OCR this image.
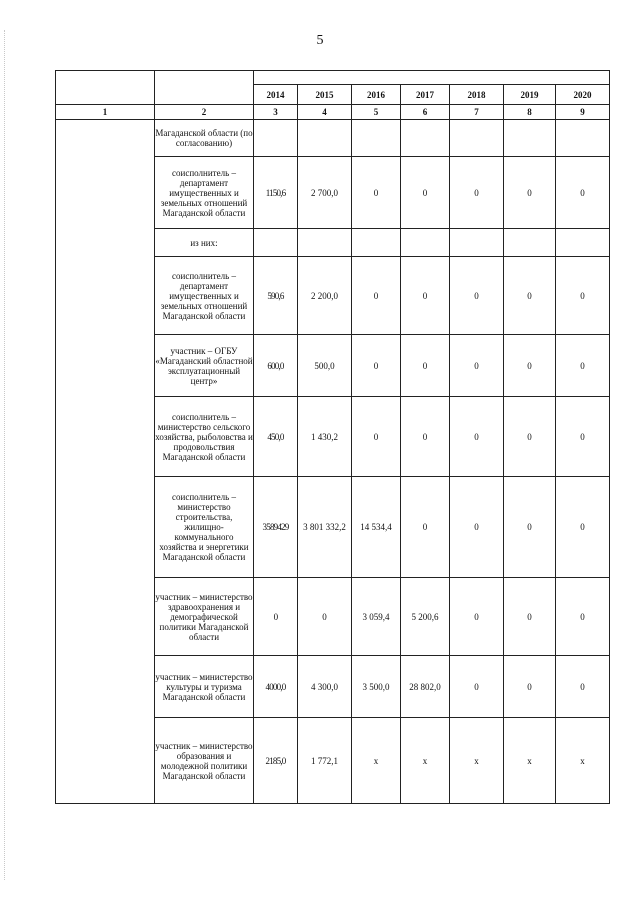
5

		2014	2015	2016	2017	2018	2019	2020
1	2	3	4	5	6	7	8	9
	Магаданской области (по согласованию)							
	соисполнитель – департамент имущественных и земельных отношений Магаданской области	1150,6	2 700,0	0	0	0	0	0
	из них:							
	соисполнитель – департамент имущественных и земельных отношений Магаданской области	590,6	2 200,0	0	0	0	0	0
	участник – ОГБУ «Магаданский областной эксплуатационный центр»	600,0	500,0	0	0	0	0	0
	соисполнитель – министерство сельского хозяйства, рыболовства и продовольствия Магаданской области	450,0	1 430,2	0	0	0	0	0
	соисполнитель – министерство строительства, жилищно-коммунального хозяйства и энергетики Магаданской области	3589429	3 801 332,2	14 534,4	0	0	0	0
	участник – министерство здравоохранения и демографической политики Магаданской области	0	0	3 059,4	5 200,6	0	0	0
	участник – министерство культуры и туризма Магаданской области	4000,0	4 300,0	3 500,0	28 802,0	0	0	0
	участник – министерство образования и молодежной политики Магаданской области	2185,0	1 772,1	x	x	x	x	x
